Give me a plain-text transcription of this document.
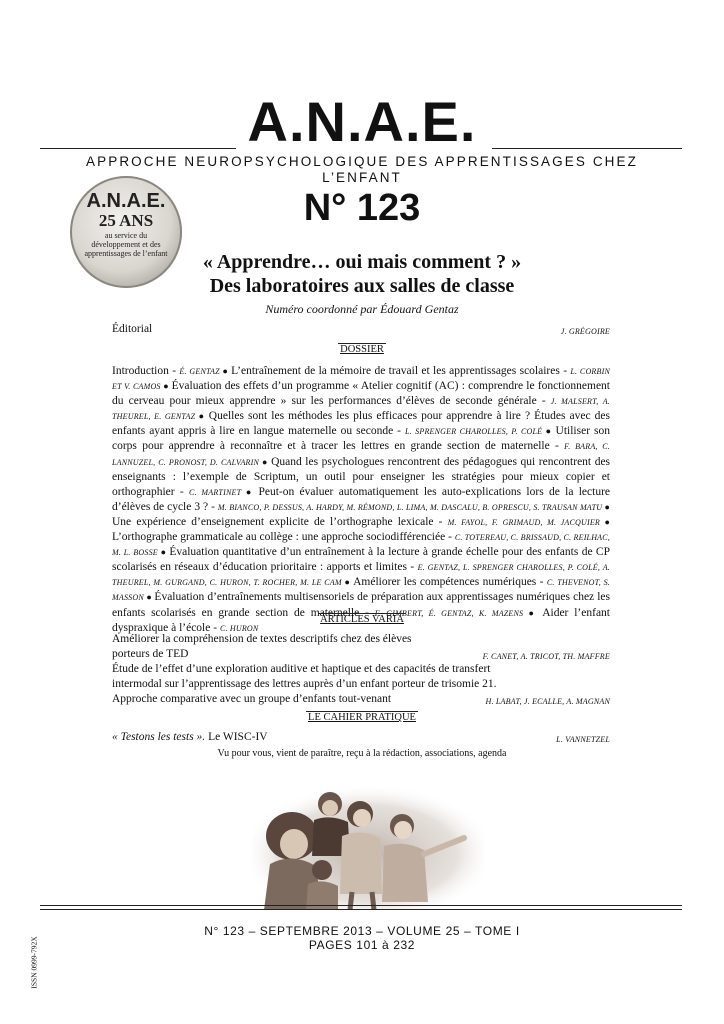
A.N.A.E.
APPROCHE NEUROPSYCHOLOGIQUE DES APPRENTISSAGES CHEZ L’ENFANT
A.N.A.E.
25 ANS
au service du développement et des apprentissages de l’enfant
N° 123
« Apprendre… oui mais comment ? »
Des laboratoires aux salles de classe
Numéro coordonné par Édouard Gentaz
Éditorial	J. GRÉGOIRE
DOSSIER
Introduction - É. GENTAZ ● L’entraînement de la mémoire de travail et les apprentissages scolaires - L. CORBIN ET V. CAMOS ● Évaluation des effets d’un programme « Atelier cognitif (AC) : comprendre le fonctionnement du cerveau pour mieux apprendre » sur les performances d’élèves de seconde générale - J. MALSERT, A. THEUREL, E. GENTAZ ● Quelles sont les méthodes les plus efficaces pour apprendre à lire ? Études avec des enfants ayant appris à lire en langue maternelle ou seconde - L. SPRENGER CHAROLLES, P. COLÉ ● Utiliser son corps pour apprendre à reconnaître et à tracer les lettres en grande section de maternelle - F. BARA, C. LANNUZEL, C. PRONOST, D. CALVARIN ● Quand les psychologues rencontrent des pédagogues qui rencontrent des enseignants : l’exemple de Scriptum, un outil pour enseigner les stratégies pour mieux copier et orthographier - C. MARTINET ● Peut-on évaluer automatiquement les auto-explications lors de la lecture d’élèves de cycle 3 ? - M. BIANCO, P. DESSUS, A. HARDY, M. RÉMOND, L. LIMA, M. DASCALU, B. OPRESCU, S. TRAUSAN MATU ● Une expérience d’enseignement explicite de l’orthographe lexicale - M. FAYOL, F. GRIMAUD, M. JACQUIER ● L’orthographe grammaticale au collège : une approche sociodifférenciée - C. TOTEREAU, C. BRISSAUD, C. REILHAC, M. L. BOSSE ● Évaluation quantitative d’un entraînement à la lecture à grande échelle pour des enfants de CP scolarisés en réseaux d’éducation prioritaire : apports et limites - E. GENTAZ, L. SPRENGER CHAROLLES, P. COLÉ, A. THEUREL, M. GURGAND, C. HURON, T. ROCHER, M. LE CAM ● Améliorer les compétences numériques - C. THEVENOT, S. MASSON ● Évaluation d’entraînements multisensoriels de préparation aux apprentissages numériques chez les enfants scolarisés en grande section de maternelle - F. GIMBERT, É. GENTAZ, K. MAZENS ● Aider l’enfant dyspraxique à l’école - C. HURON
ARTICLES VARIA
Améliorer la compréhension de textes descriptifs chez des élèves
porteurs de TED	F. CANET, A. TRICOT, TH. MAFFRE
Étude de l’effet d’une exploration auditive et haptique et des capacités de transfert
intermodal sur l’apprentissage des lettres auprès d’un enfant porteur de trisomie 21.
Approche comparative avec un groupe d’enfants tout-venant	H. LABAT, J. ECALLE, A. MAGNAN
LE CAHIER PRATIQUE
« Testons les tests ». Le WISC-IV	L. VANNETZEL
Vu pour vous, vient de paraître, reçu à la rédaction, associations, agenda
N° 123 – SEPTEMBRE 2013 – VOLUME 25 – TOME I
PAGES 101 à 232
ISSN 0999-792X
